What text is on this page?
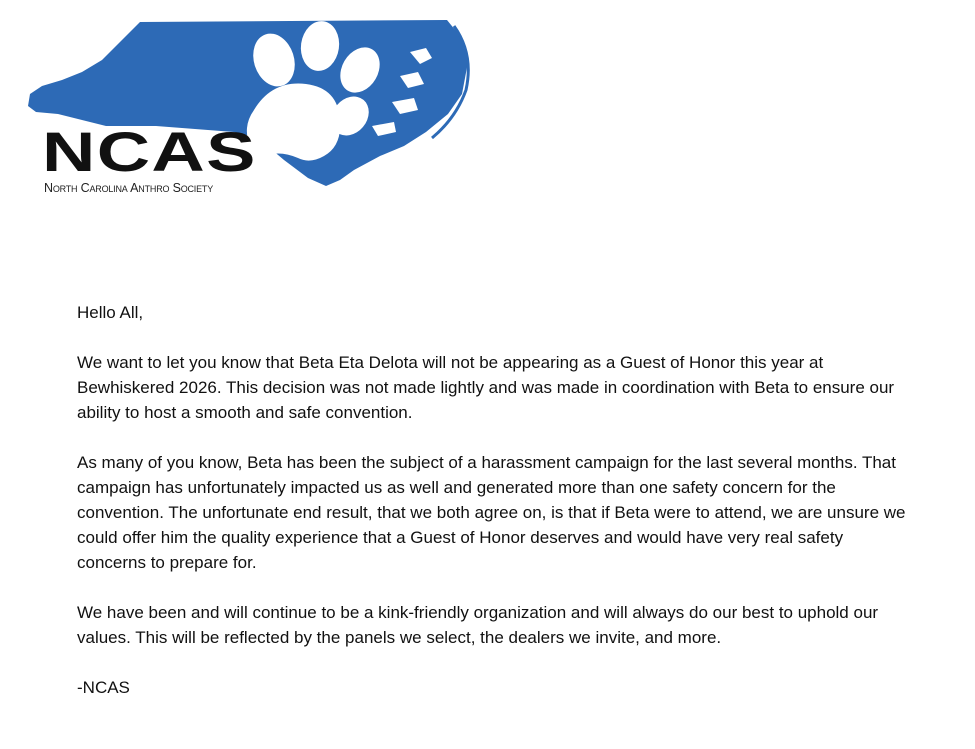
NCAS
North Carolina Anthro Society

Hello All,

We want to let you know that Beta Eta Delota will not be appearing as a Guest of Honor this year at Bewhiskered 2026. This decision was not made lightly and was made in coordination with Beta to ensure our ability to host a smooth and safe convention.

As many of you know, Beta has been the subject of a harassment campaign for the last several months. That campaign has unfortunately impacted us as well and generated more than one safety concern for the convention. The unfortunate end result, that we both agree on, is that if Beta were to attend, we are unsure we could offer him the quality experience that a Guest of Honor deserves and would have very real safety concerns to prepare for.

We have been and will continue to be a kink-friendly organization and will always do our best to uphold our values. This will be reflected by the panels we select, the dealers we invite, and more.

-NCAS
